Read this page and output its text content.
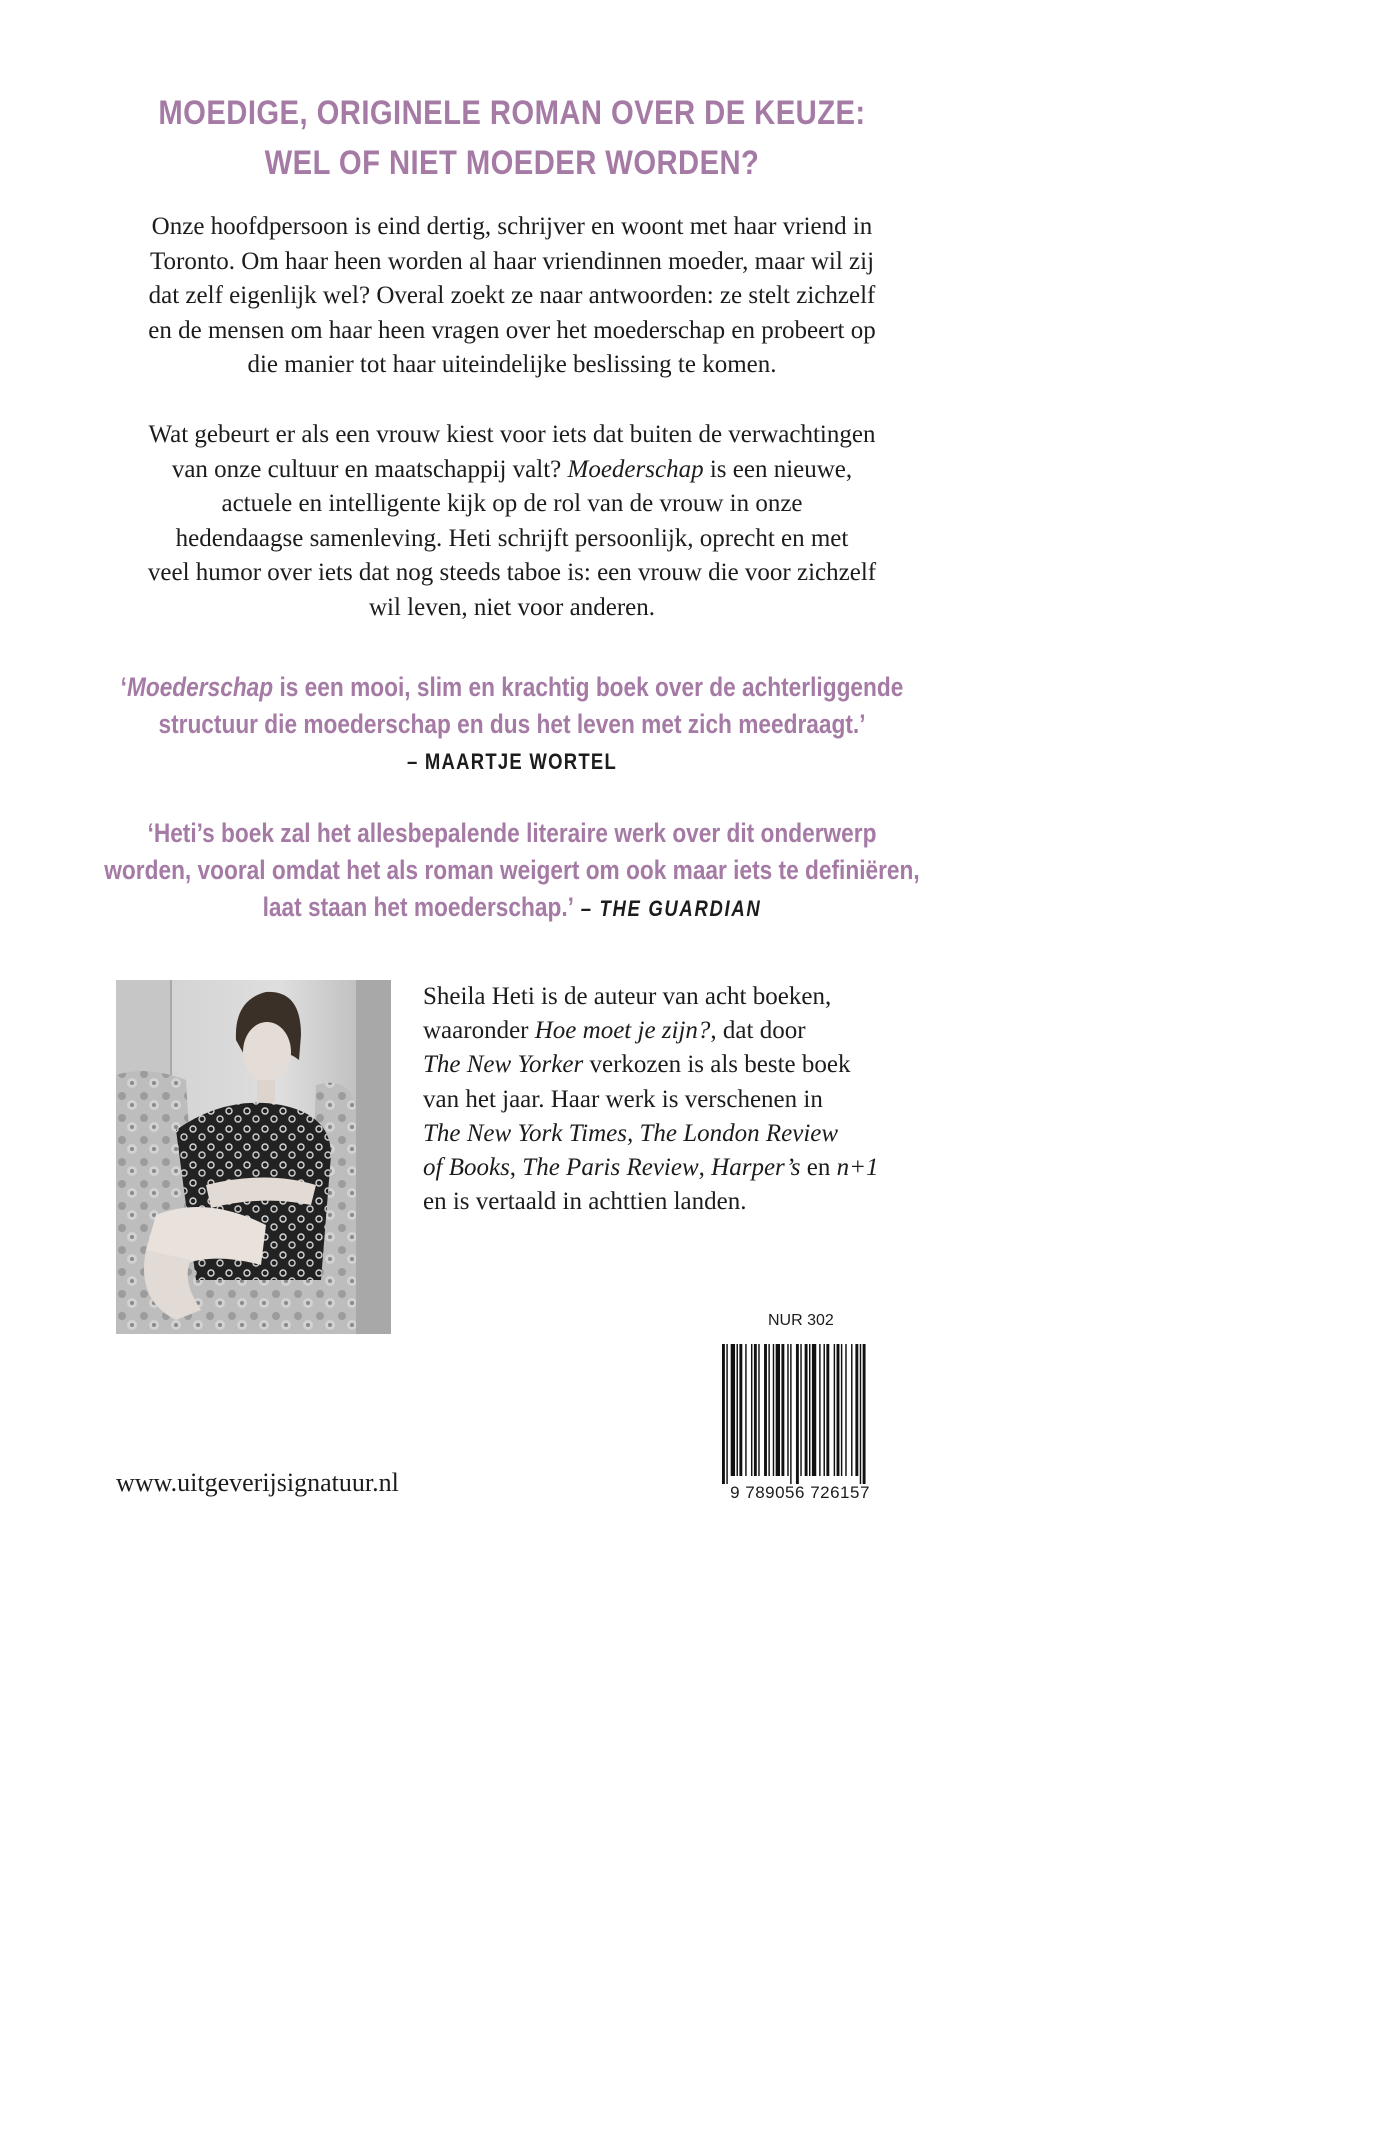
MOEDIGE, ORIGINELE ROMAN OVER DE KEUZE:
WEL OF NIET MOEDER WORDEN?
Onze hoofdpersoon is eind dertig, schrijver en woont met haar vriend in
Toronto. Om haar heen worden al haar vriendinnen moeder, maar wil zij
dat zelf eigenlijk wel? Overal zoekt ze naar antwoorden: ze stelt zichzelf
en de mensen om haar heen vragen over het moederschap en probeert op
die manier tot haar uiteindelijke beslissing te komen.
Wat gebeurt er als een vrouw kiest voor iets dat buiten de verwachtingen
van onze cultuur en maatschappij valt? Moederschap is een nieuwe,
actuele en intelligente kijk op de rol van de vrouw in onze
hedendaagse samenleving. Heti schrijft persoonlijk, oprecht en met
veel humor over iets dat nog steeds taboe is: een vrouw die voor zichzelf
wil leven, niet voor anderen.
‘Moederschap is een mooi, slim en krachtig boek over de achterliggende
structuur die moederschap en dus het leven met zich meedraagt.’
– MAARTJE WORTEL
‘Heti’s boek zal het allesbepalende literaire werk over dit onderwerp
worden, vooral omdat het als roman weigert om ook maar iets te definiëren,
laat staan het moederschap.’ – THE GUARDIAN
Sheila Heti is de auteur van acht boeken,
waaronder Hoe moet je zijn?, dat door
The New Yorker verkozen is als beste boek
van het jaar. Haar werk is verschenen in
The New York Times, The London Review
of Books, The Paris Review, Harper’s en n+1
en is vertaald in achttien landen.
NUR 302
9 789056 726157
www.uitgeverijsignatuur.nl
